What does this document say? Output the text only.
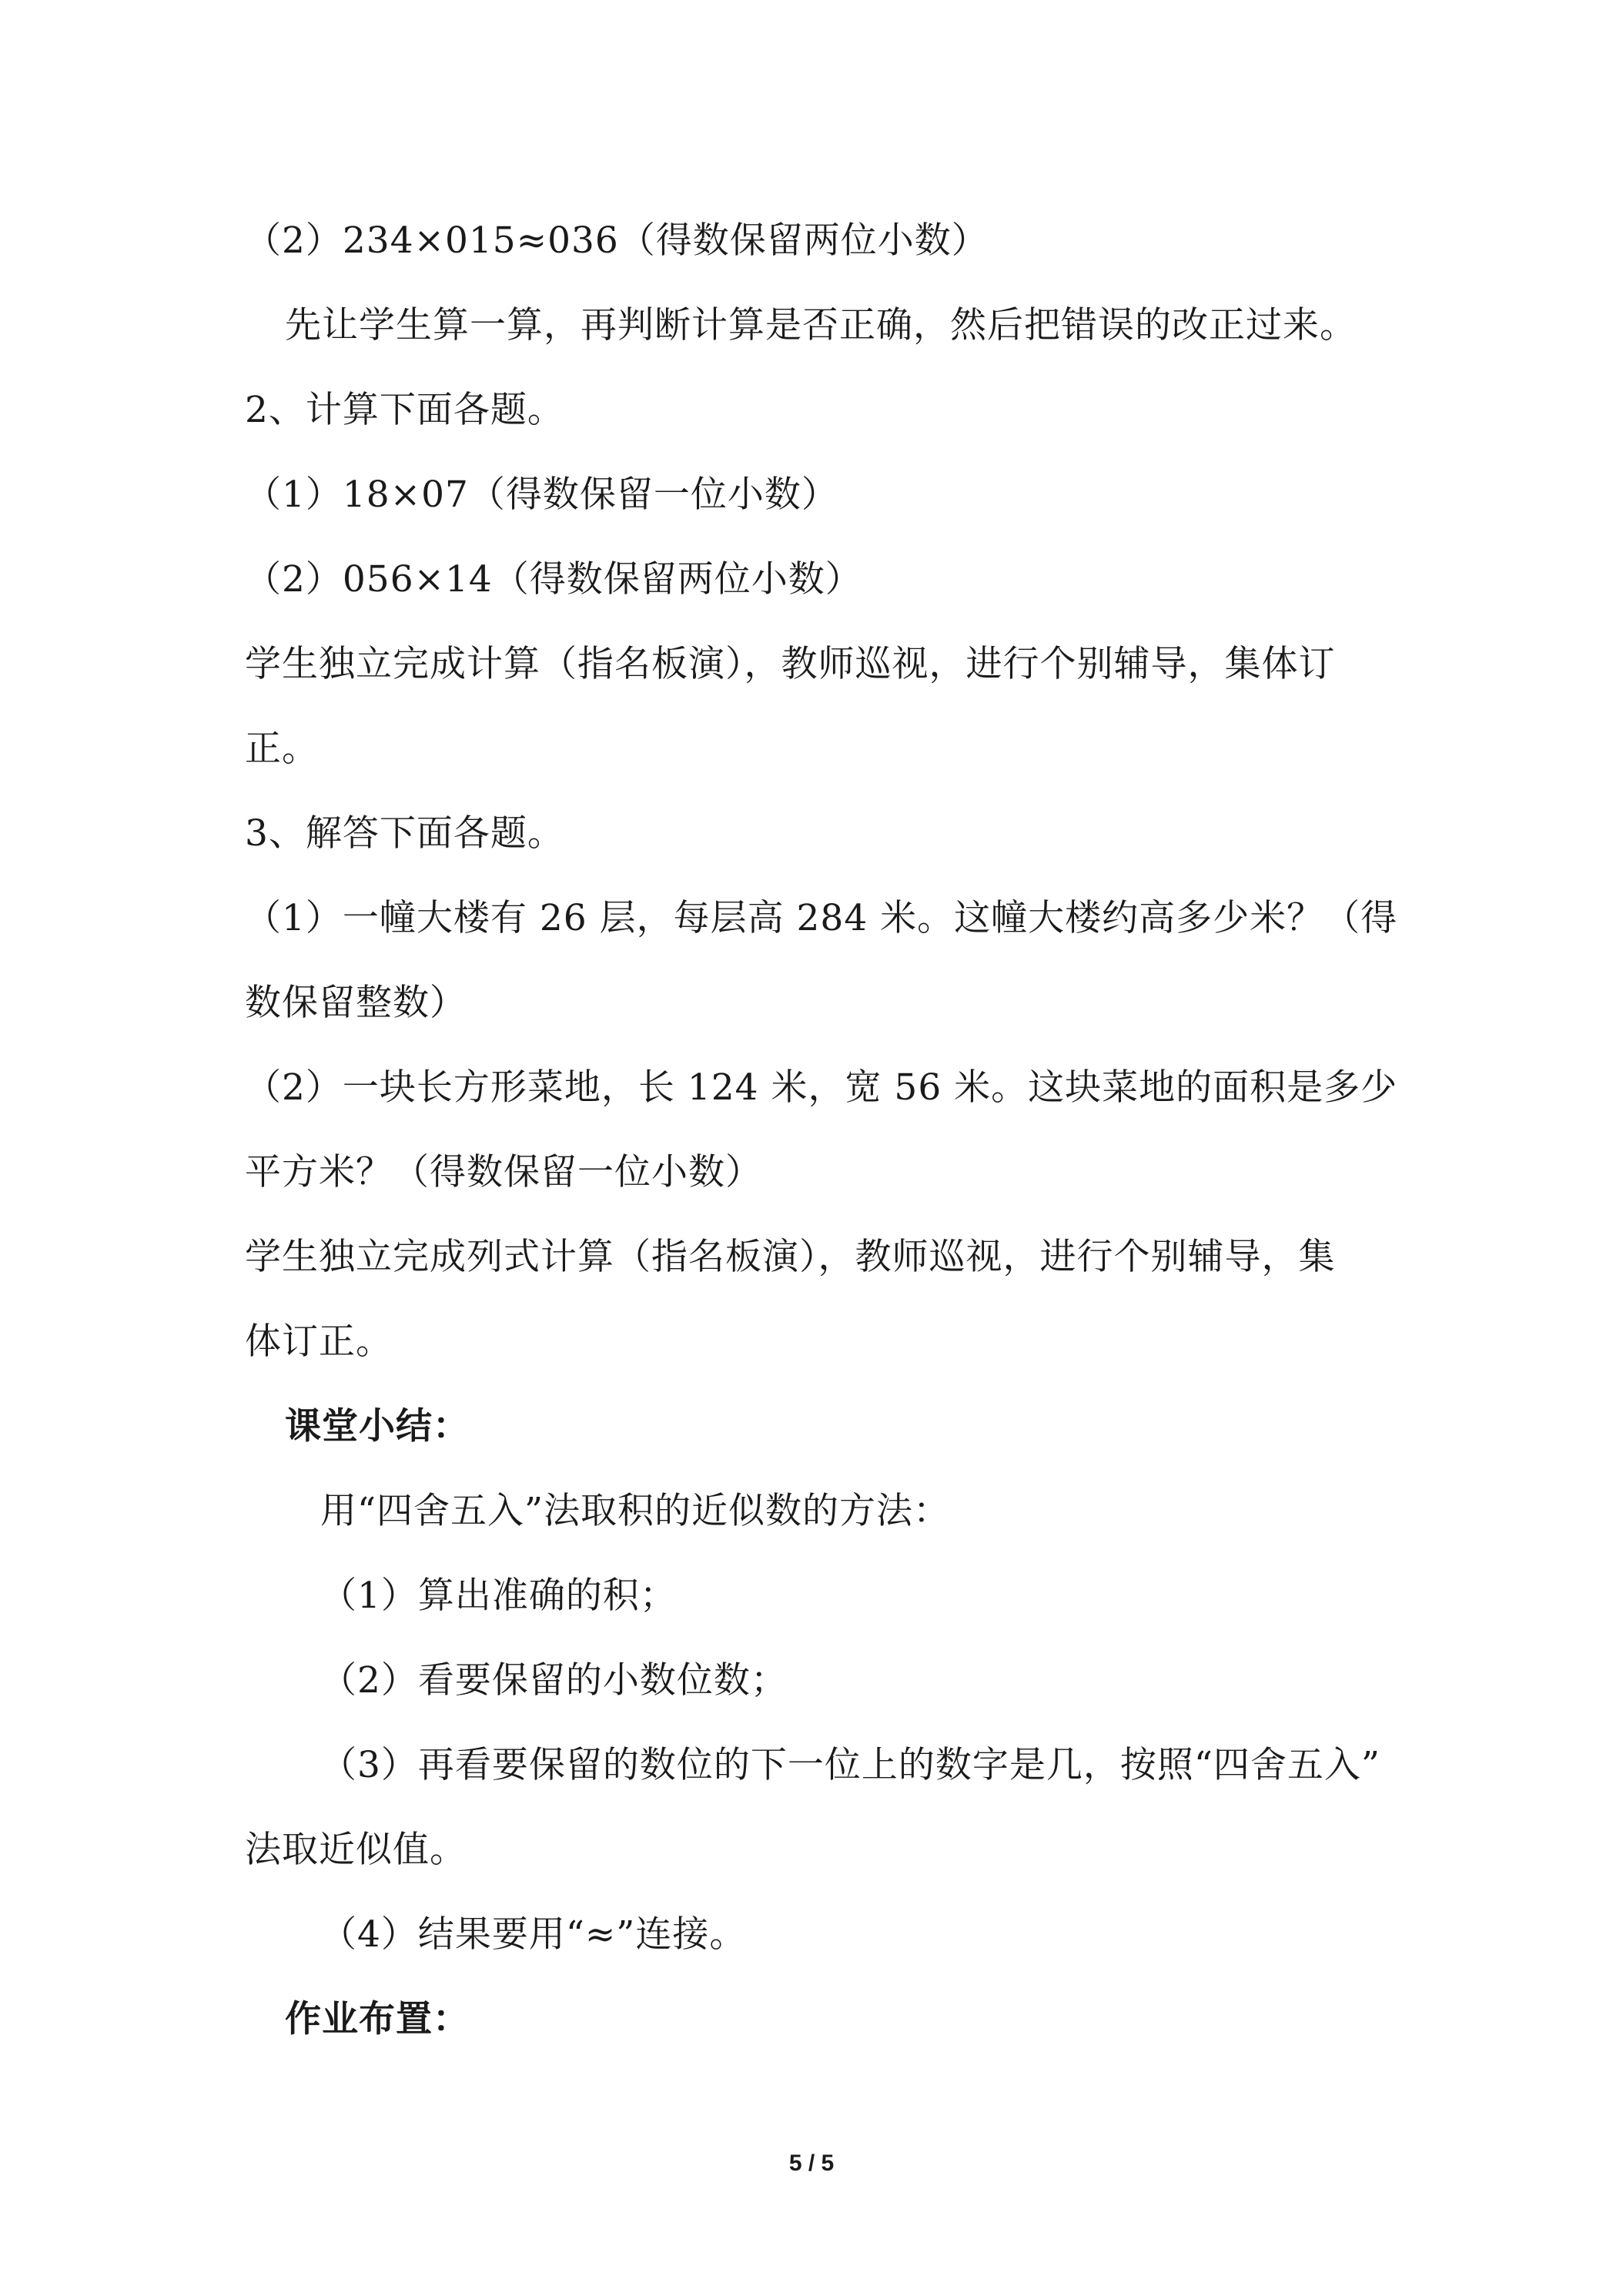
（2）234×015≈036（得数保留两位小数）
先让学生算一算，再判断计算是否正确，然后把错误的改正过来。
2、计算下面各题。
（1）18×07（得数保留一位小数）
（2）056×14（得数保留两位小数）
学生独立完成计算（指名板演），教师巡视，进行个别辅导，集体订
正。
3、解答下面各题。
（1）一幢大楼有 26 层，每层高 284 米。这幢大楼约高多少米？（得
数保留整数）
（2）一块长方形菜地，长 124 米，宽 56 米。这块菜地的面积是多少
平方米？（得数保留一位小数）
学生独立完成列式计算（指名板演），教师巡视，进行个别辅导，集
体订正。
课堂小结：
用“四舍五入”法取积的近似数的方法：
（1）算出准确的积；
（2）看要保留的小数位数；
（3）再看要保留的数位的下一位上的数字是几，按照“四舍五入”
法取近似值。
（4）结果要用“≈”连接。
作业布置：
5 / 5
